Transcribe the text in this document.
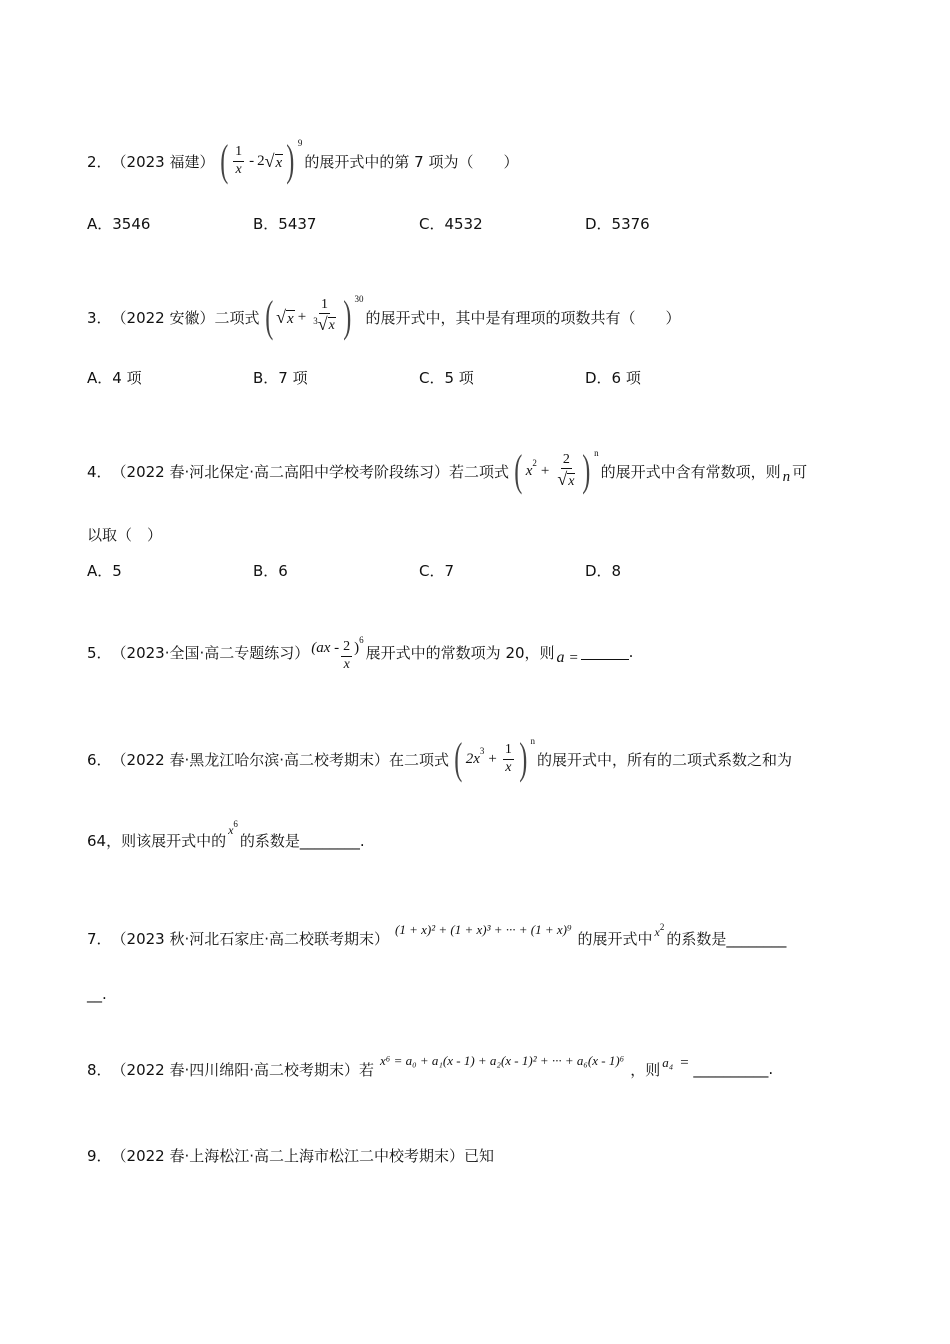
2． （2023 福建） ( $\frac{1}{x} - 2$ √ x ) 9
的展开式中的第 7 项为（　　）
A．3546	B．5437	C．4532	D．5376
3． （2022 安徽）二项式 ( √ $x + \frac{1}{3 √ x}$ ) 30
的展开式中，其中是有理项的项数共有（　　）
A．4 项	B．7 项	C．5 项	D．6 项
4． （2022 春·河北保定·高二高阳中学校考阶段练习）若二项式 ( x $2 + \frac{2}{√ x}$ ) n
的展开式中含有常数项，则 n 可
以取（　）
A．5	B．6	C．7	D．8
5． （2023·全国·高二专题练习） ($ax - \frac{2}{x}$ ) 6
展开式中的常数项为 20，则 a =	.
6． （2022 春·黑龙江哈尔滨·高二校考期末）在二项式 ( 2x $3 + \frac{1}{x}$ ) n
的展开式中，所有的二项式系数之和为
64，则该展开式中的
x 6
的系数是________.
7． （2023 秋·河北石家庄·高二校联考期末） (1 + x)² + (1 + x)³ + ··· + (1 + x)⁹ 的展开式中 x 2
的系数是________
__.
8． （2022 春·四川绵阳·高二校考期末）若 x⁶ = a₀ + a₁(x - 1) + a₂(x - 1)² + ··· + a₆(x - 1)⁶ ，则 a₄ = __________.
9． （2022 春·上海松江·高二上海市松江二中校考期末）已知
